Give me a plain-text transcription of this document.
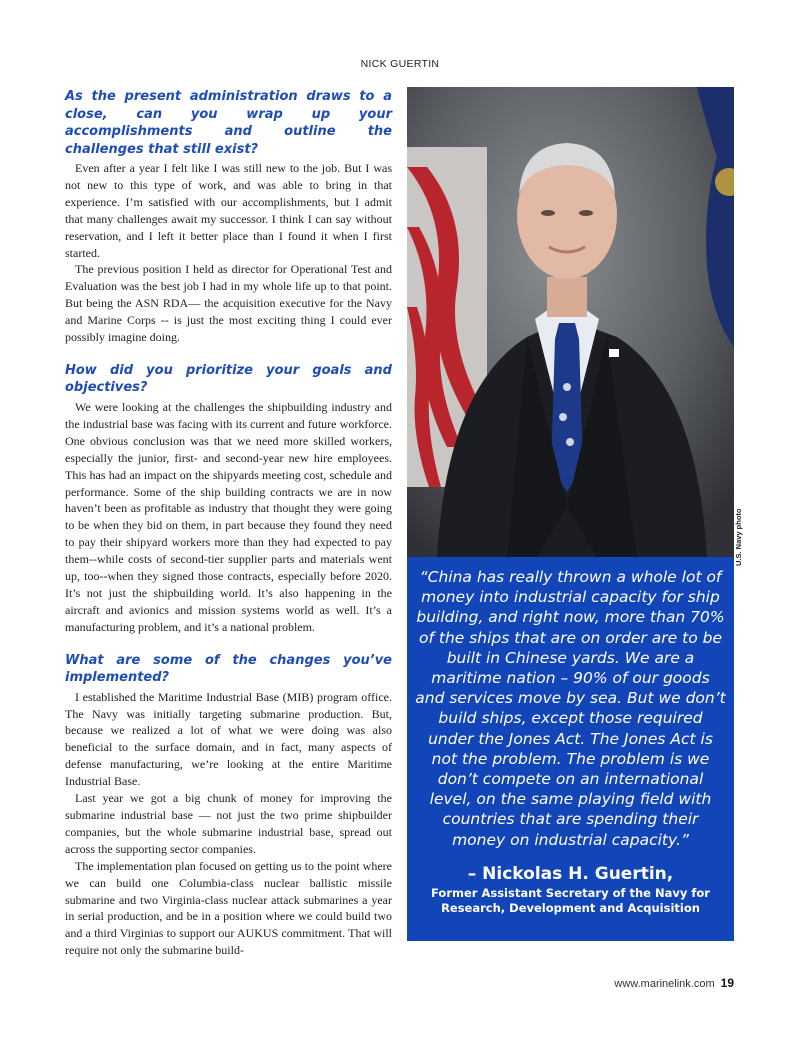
NICK GUERTIN
As the present administration draws to a close, can you wrap up your accomplishments and outline the challenges that still exist?

Even after a year I felt like I was still new to the job. But I was not new to this type of work, and was able to bring in that experience. I’m satisfied with our accomplishments, but I admit that many challenges await my successor. I think I can say without reservation, and I left it better place than I found it when I first started.

The previous position I held as director for Operational Test and Evaluation was the best job I had in my whole life up to that point. But being the ASN RDA— the acquisition executive for the Navy and Marine Corps -- is just the most exciting thing I could ever possibly imagine doing.

How did you prioritize your goals and objectives?

We were looking at the challenges the shipbuilding industry and the industrial base was facing with its current and future workforce. One obvious conclusion was that we need more skilled workers, especially the junior, first- and second-year new hire employees. This has had an impact on the shipyards meeting cost, schedule and performance. Some of the ship building contracts we are in now haven’t been as profitable as industry that thought they were going to be when they bid on them, in part because they found they need to pay their shipyard workers more than they had expected to pay them--while costs of second-tier supplier parts and materials went up, too--when they signed those contracts, especially before 2020. It’s not just the shipbuilding world. It’s also happening in the aircraft and avionics and mission systems world as well. It’s a manufacturing problem, and it’s a national problem.

What are some of the changes you’ve implemented?

I established the Maritime Industrial Base (MIB) program office. The Navy was initially targeting submarine production. But, because we realized a lot of what we were doing was also beneficial to the surface domain, and in fact, many aspects of defense manufacturing, we’re looking at the entire Maritime Industrial Base.

Last year we got a big chunk of money for improving the submarine industrial base — not just the two prime shipbuilder companies, but the whole submarine industrial base, spread out across the supporting sector companies.

The implementation plan focused on getting us to the point where we can build one Columbia-class nuclear ballistic missile submarine and two Virginia-class nuclear attack submarines a year in serial production, and be in a position where we could build two and a third Virginias to support our AUKUS commitment. That will require not only the submarine build-

U.S. Navy photo
“China has really thrown a whole lot of money into industrial capacity for ship building, and right now, more than 70% of the ships that are on order are to be built in Chinese yards. We are a maritime nation – 90% of our goods and services move by sea. But we don’t build ships, except those required under the Jones Act. The Jones Act is not the problem. The problem is we don’t compete on an international level, on the same playing field with countries that are spending their money on industrial capacity.”
– Nickolas H. Guertin,
Former Assistant Secretary of the Navy for Research, Development and Acquisition
www.marinelink.com 19
